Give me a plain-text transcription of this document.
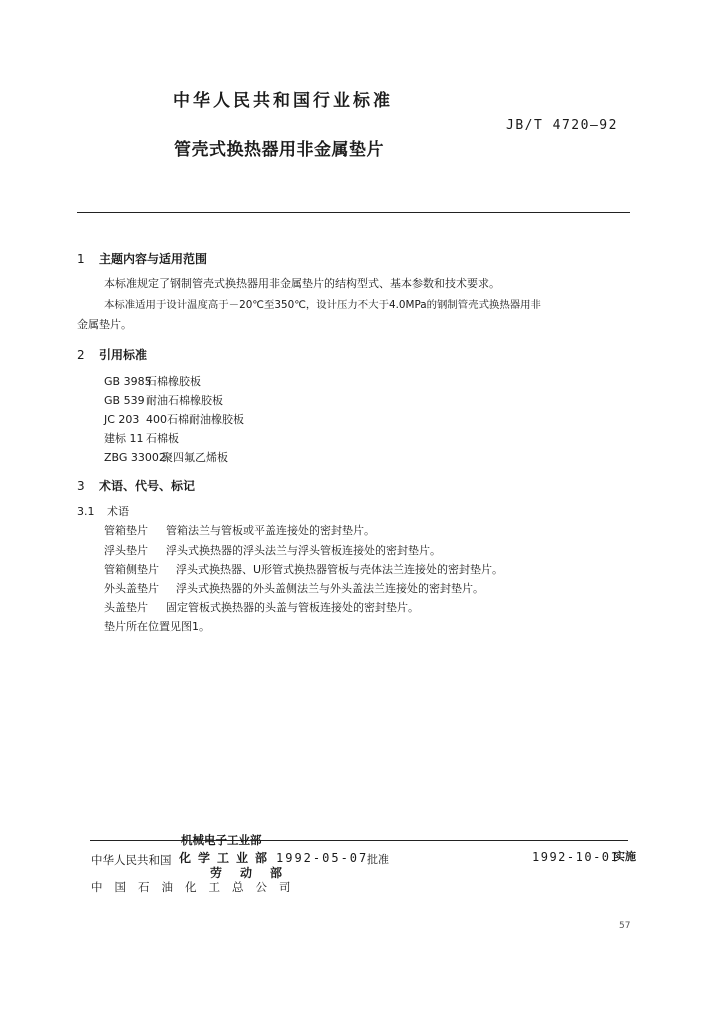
中华人民共和国行业标准
JB/T 4720—92
管壳式换热器用非金属垫片
1 主题内容与适用范围
本标准规定了钢制管壳式换热器用非金属垫片的结构型式、基本参数和技术要求。
本标准适用于设计温度高于－20℃至350℃，设计压力不大于4.0MPa的钢制管壳式换热器用非
金属垫片。
2 引用标准
GB 3985石棉橡胶板
GB 539耐油石棉橡胶板
JC 203 400石棉耐油橡胶板
建标 11 石棉板
ZBG 33002聚四氟乙烯板
3 术语、代号、标记
3.1 术语
管箱垫片 管箱法兰与管板或平盖连接处的密封垫片。
浮头垫片 浮头式换热器的浮头法兰与浮头管板连接处的密封垫片。
管箱侧垫片 浮头式换热器、U形管式换热器管板与壳体法兰连接处的密封垫片。
外头盖垫片 浮头式换热器的外头盖侧法兰与外头盖法兰连接处的密封垫片。
头盖垫片 固定管板式换热器的头盖与管板连接处的密封垫片。
垫片所在位置见图1。
机械电子工业部
中华人民共和国 化学工业部 1992-05-07
批准
劳动部
中国石油化工总公司
1992-10-01
实施
57
